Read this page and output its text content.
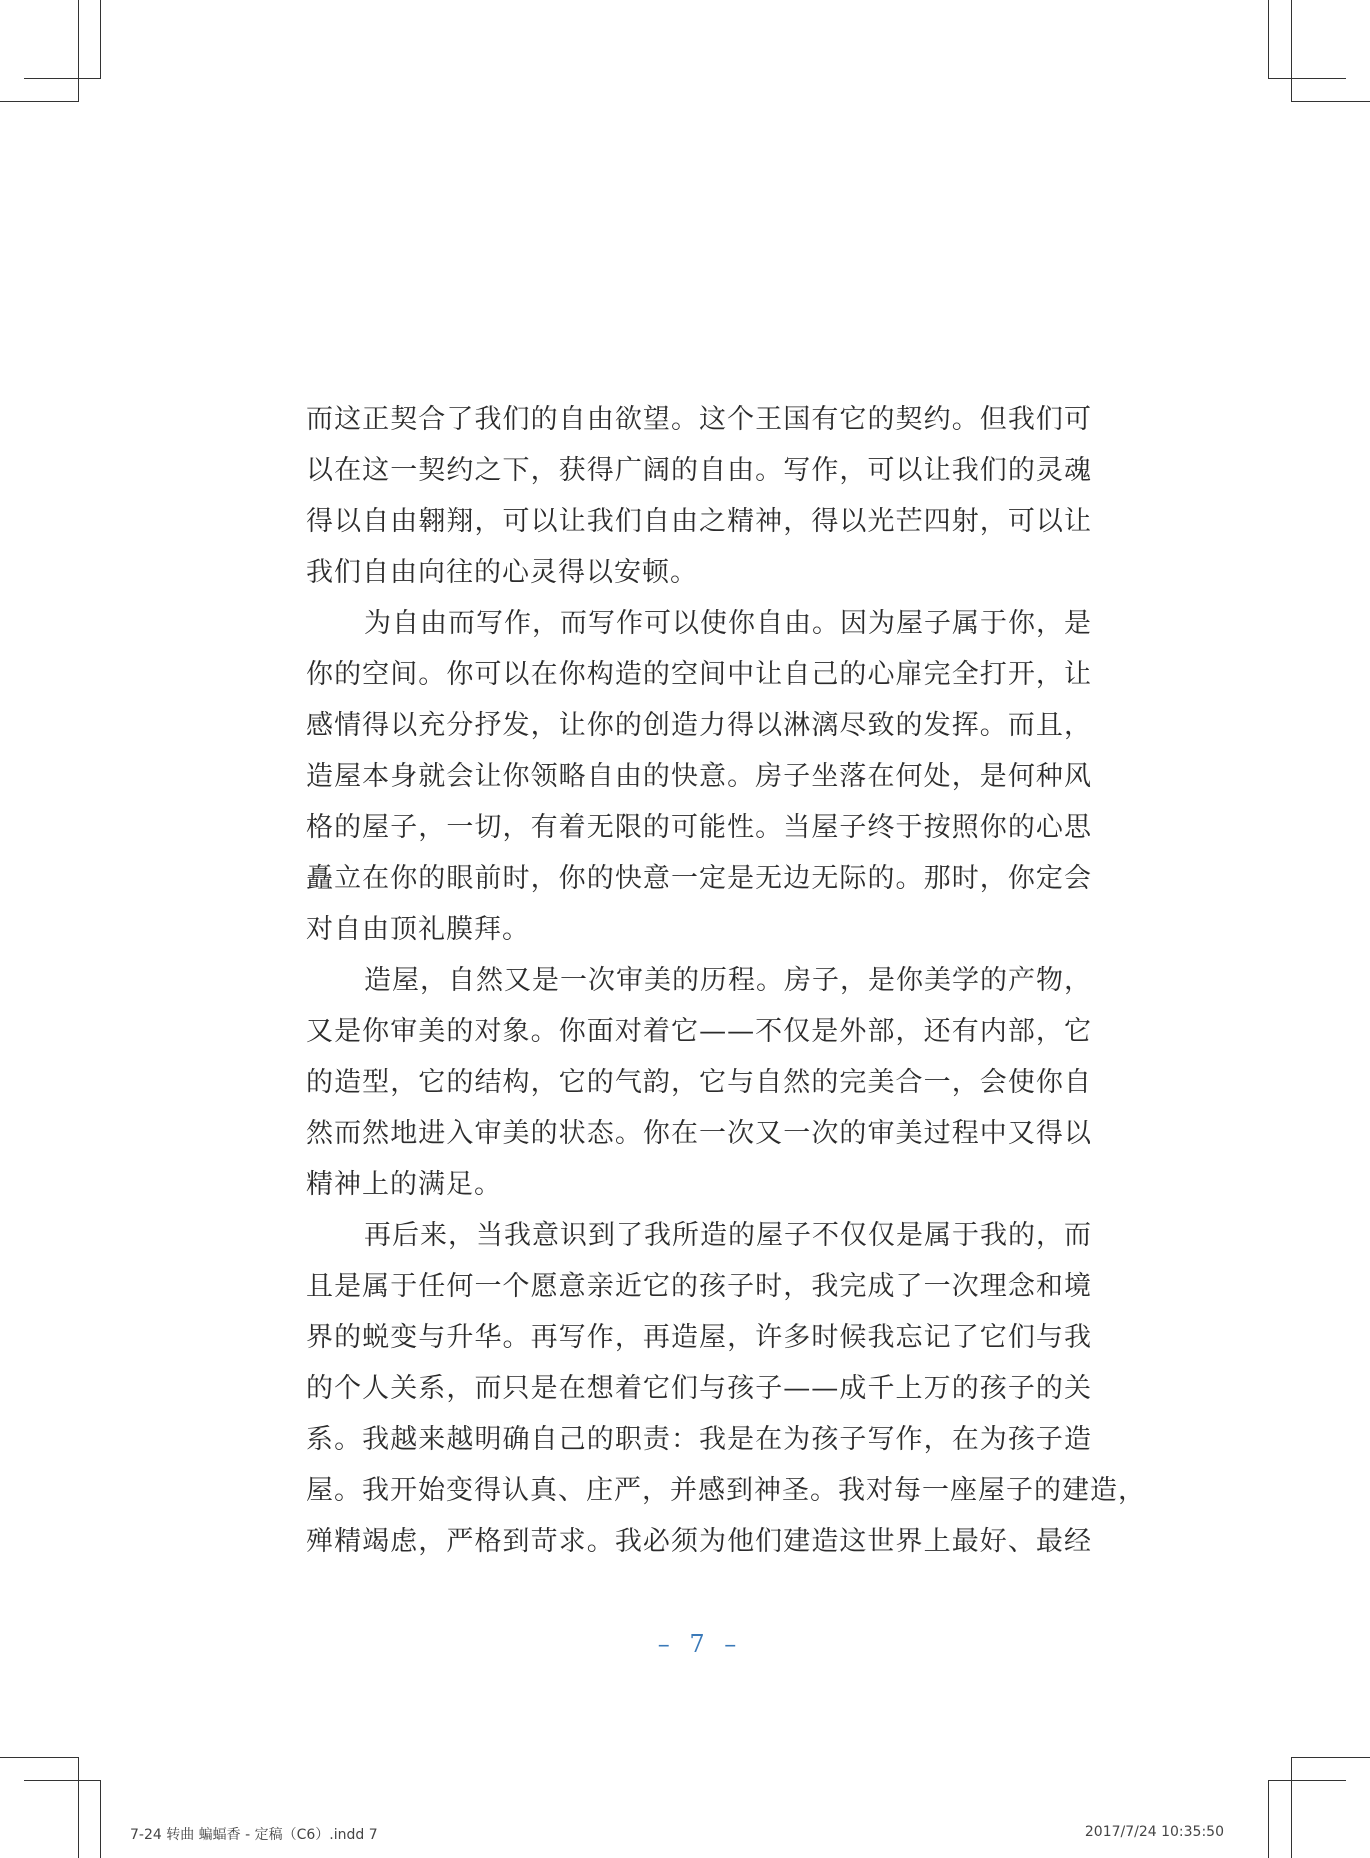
而这正契合了我们的自由欲望。这个王国有它的契约。但我们可
以在这一契约之下，获得广阔的自由。写作，可以让我们的灵魂
得以自由翱翔，可以让我们自由之精神，得以光芒四射，可以让
我们自由向往的心灵得以安顿。
为自由而写作，而写作可以使你自由。因为屋子属于你，是
你的空间。你可以在你构造的空间中让自己的心扉完全打开，让
感情得以充分抒发，让你的创造力得以淋漓尽致的发挥。而且，
造屋本身就会让你领略自由的快意。房子坐落在何处，是何种风
格的屋子，一切，有着无限的可能性。当屋子终于按照你的心思
矗立在你的眼前时，你的快意一定是无边无际的。那时，你定会
对自由顶礼膜拜。
造屋，自然又是一次审美的历程。房子，是你美学的产物，
又是你审美的对象。你面对着它——不仅是外部，还有内部，它
的造型，它的结构，它的气韵，它与自然的完美合一，会使你自
然而然地进入审美的状态。你在一次又一次的审美过程中又得以
精神上的满足。
再后来，当我意识到了我所造的屋子不仅仅是属于我的，而
且是属于任何一个愿意亲近它的孩子时，我完成了一次理念和境
界的蜕变与升华。再写作，再造屋，许多时候我忘记了它们与我
的个人关系，而只是在想着它们与孩子——成千上万的孩子的关
系。我越来越明确自己的职责：我是在为孩子写作，在为孩子造
屋。我开始变得认真、庄严，并感到神圣。我对每一座屋子的建造，
殚精竭虑，严格到苛求。我必须为他们建造这世界上最好、最经
– 7 –
7-24 转曲 蝙蝠香 - 定稿（C6）.indd 7	2017/7/24 10:35:50
